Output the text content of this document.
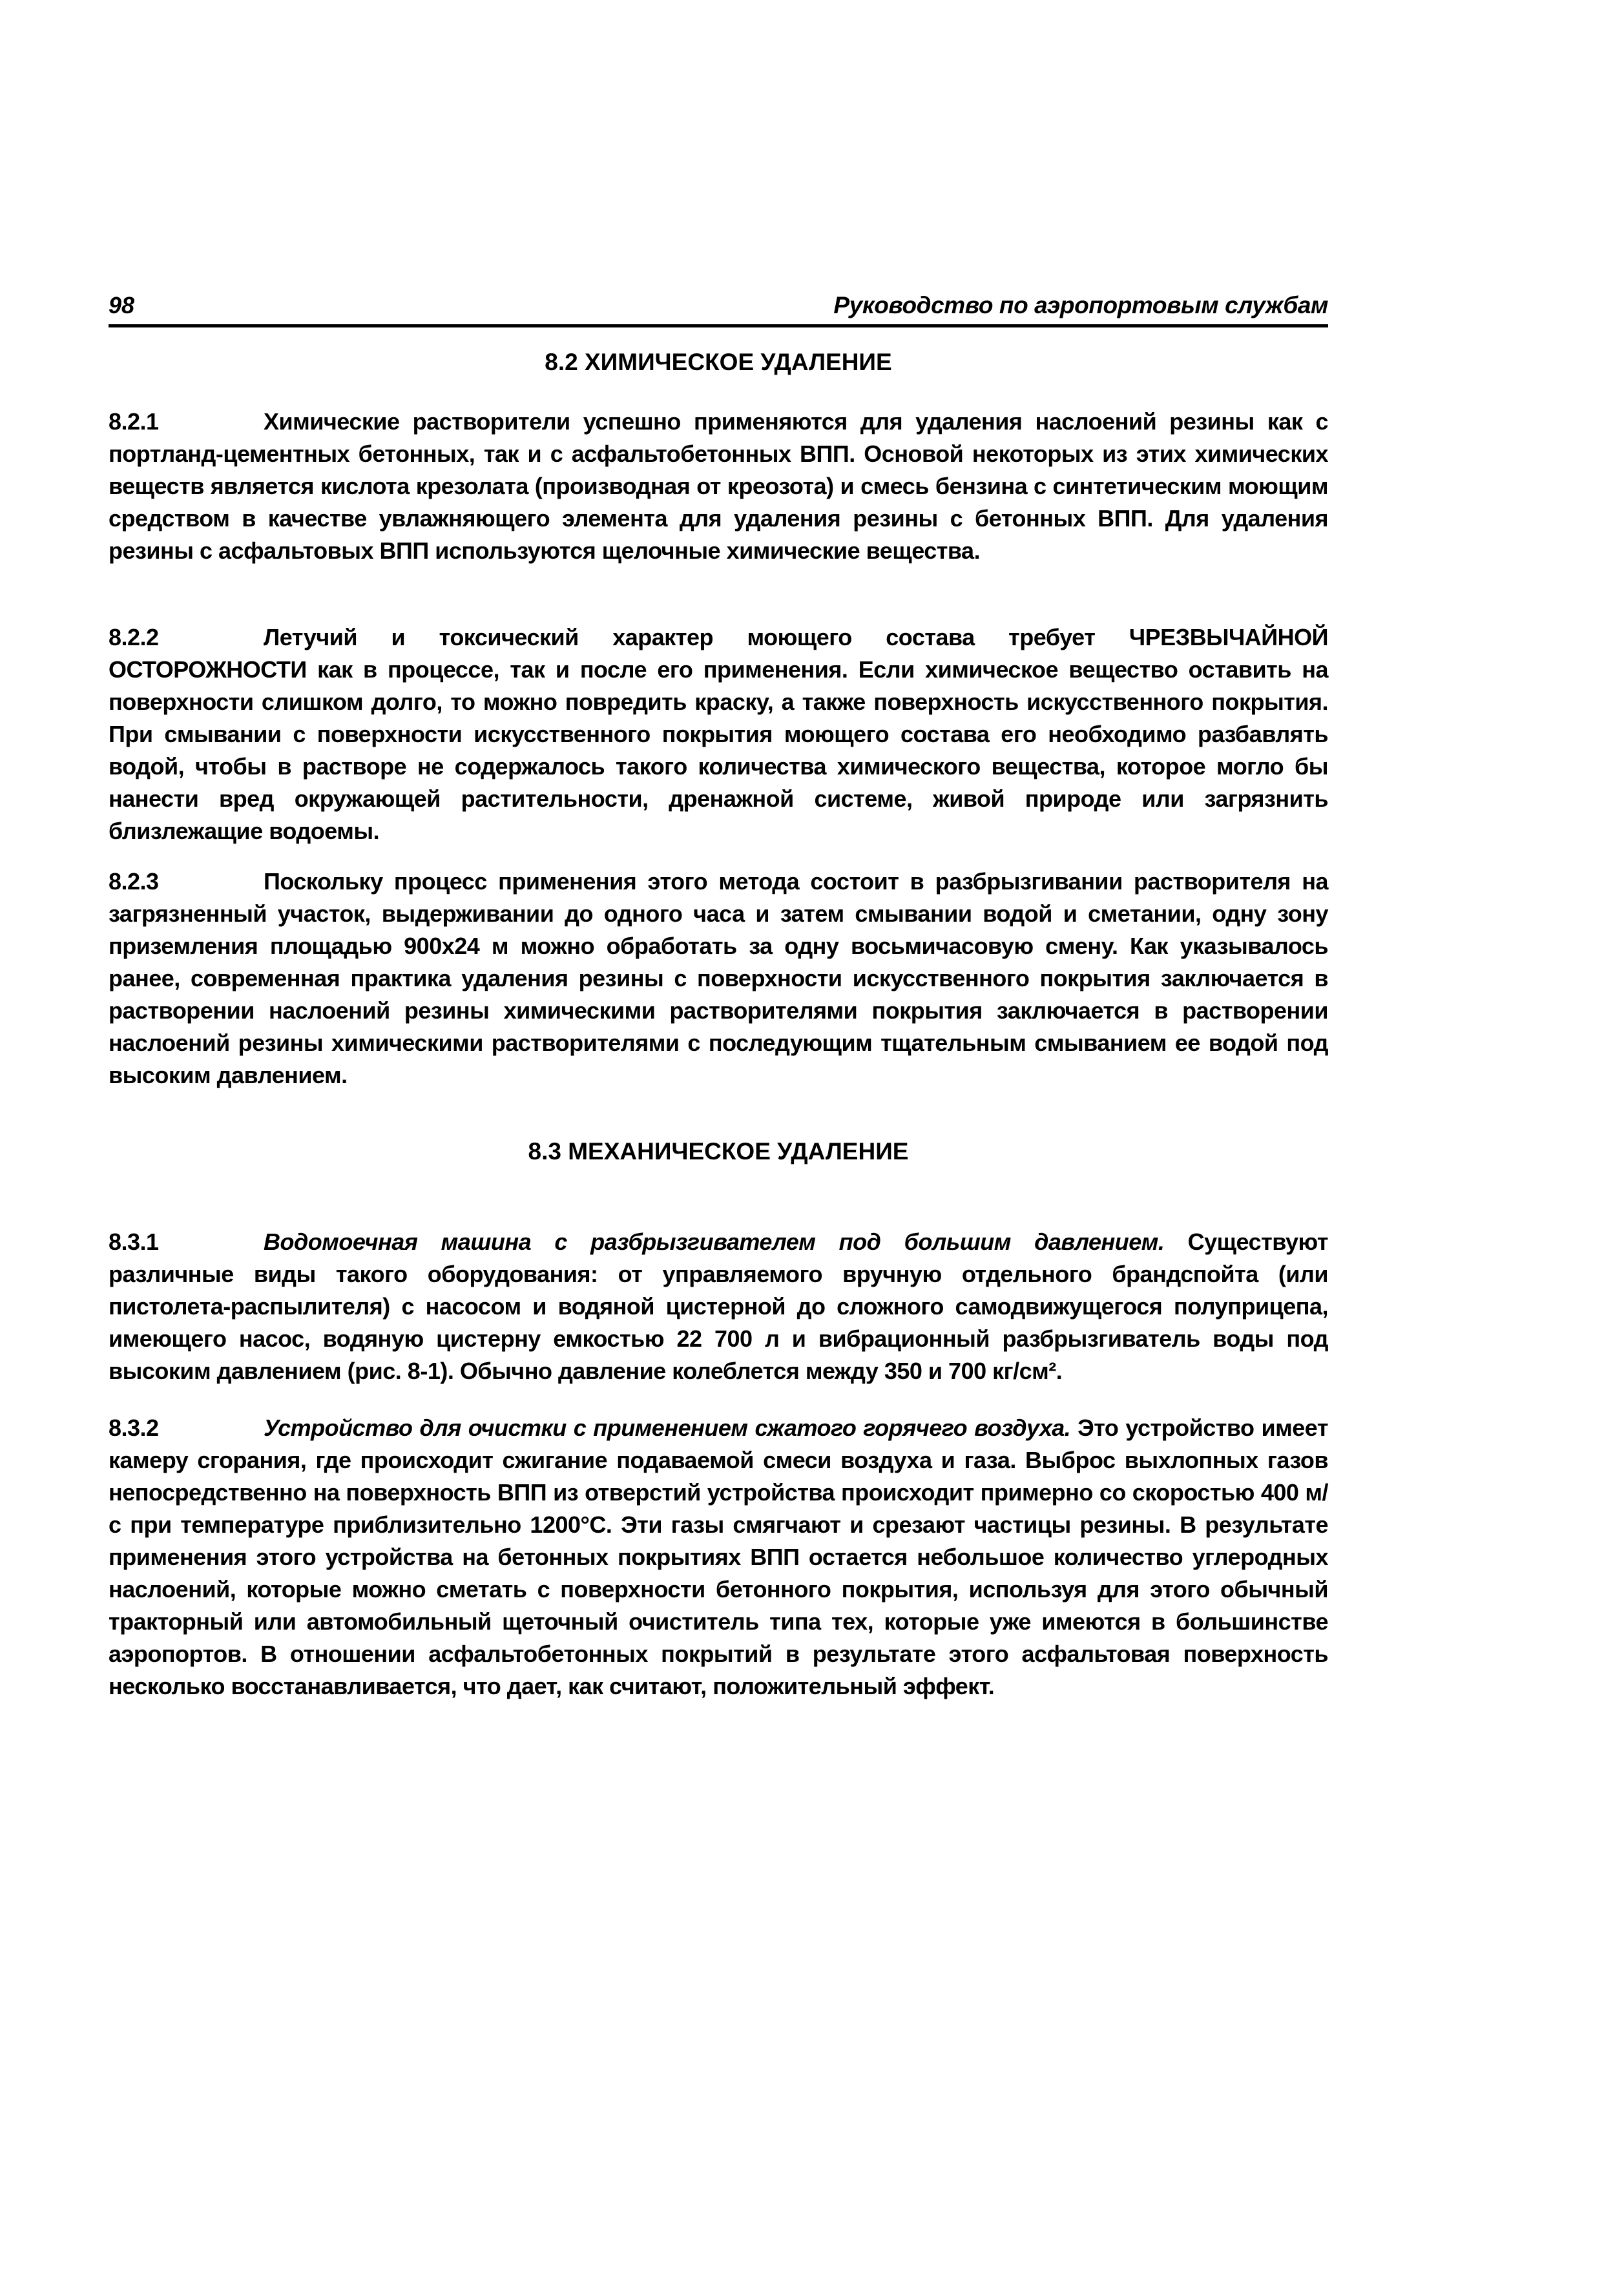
98	Руководство по аэропортовым службам
8.2 ХИМИЧЕСКОЕ УДАЛЕНИЕ

8.2.1	Химические растворители успешно применяются для удаления наслоений резины как с портланд-цементных бетонных, так и с асфальтобетонных ВПП. Основой некоторых из этих химических веществ является кислота крезолата (производная от креозота) и смесь бензина с синтетическим моющим средством в качестве увлажняющего элемента для удаления резины с бетонных ВПП. Для удаления резины с асфальтовых ВПП используются щелочные химические вещества.

8.2.2	Летучий и токсический характер моющего состава требует ЧРЕЗВЫЧАЙНОЙ ОСТОРОЖНОСТИ как в процессе, так и после его применения. Если химическое вещество оставить на поверхности слишком долго, то можно повредить краску, а также поверхность искусственного покрытия. При смывании с поверхности искусственного покрытия моющего состава его необходимо разбавлять водой, чтобы в растворе не содержалось такого количества химического вещества, которое могло бы нанести вред окружающей растительности, дренажной системе, живой природе или загрязнить близлежащие водоемы.

8.2.3	Поскольку процесс применения этого метода состоит в разбрызгивании растворителя на загрязненный участок, выдерживании до одного часа и затем смывании водой и сметании, одну зону приземления площадью 900х24 м можно обработать за одну восьмичасовую смену. Как указывалось ранее, современная практика удаления резины с поверхности искусственного покрытия заключается в растворении наслоений резины химическими растворителями покрытия заключается в растворении наслоений резины химическими растворителями с последующим тщательным смыванием ее водой под высоким давлением.

8.3 МЕХАНИЧЕСКОЕ УДАЛЕНИЕ

8.3.1	Водомоечная машина с разбрызгивателем под большим давлением. Существуют различные виды такого оборудования: от управляемого вручную отдельного брандспойта (или пистолета-распылителя) с насосом и водяной цистерной до сложного самодвижущегося полуприцепа, имеющего насос, водяную цистерну емкостью 22 700 л и вибрационный разбрызгиватель воды под высоким давлением (рис. 8-1). Обычно давление колеблется между 350 и 700 кг/см².

8.3.2	Устройство для очистки с применением сжатого горячего воздуха. Это устройство имеет камеру сгорания, где происходит сжигание подаваемой смеси воздуха и газа. Выброс выхлопных газов непосредственно на поверхность ВПП из отверстий устройства происходит примерно со скоростью 400 м/с при температуре приблизительно 1200°С. Эти газы смягчают и срезают частицы резины. В результате применения этого устройства на бетонных покрытиях ВПП остается небольшое количество углеродных наслоений, которые можно сметать с поверхности бетонного покрытия, используя для этого обычный тракторный или автомобильный щеточный очиститель типа тех, которые уже имеются в большинстве аэропортов. В отношении асфальтобетонных покрытий в результате этого асфальтовая поверхность несколько восстанавливается, что дает, как считают, положительный эффект.
